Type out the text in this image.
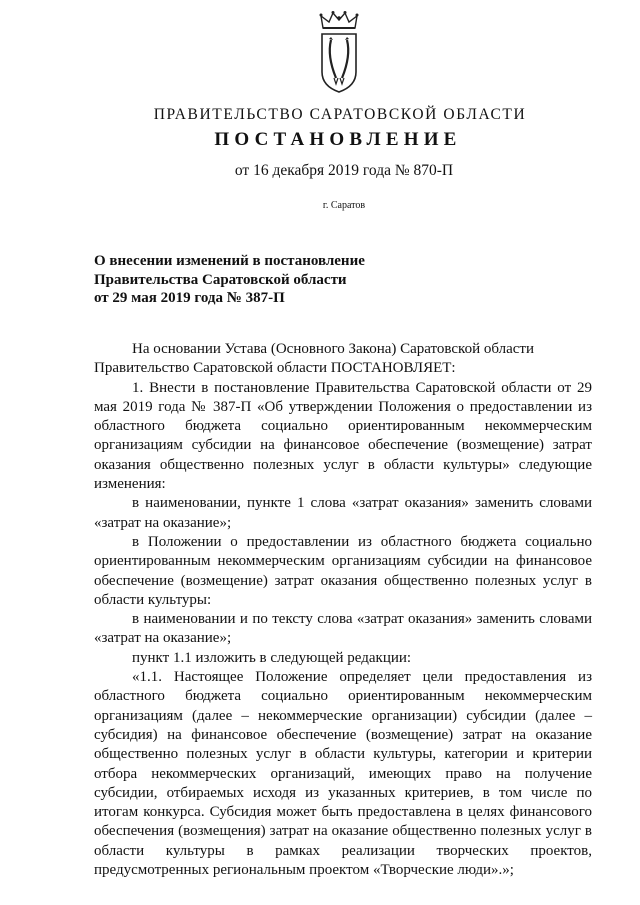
ПРАВИТЕЛЬСТВО САРАТОВСКОЙ ОБЛАСТИ
ПОСТАНОВЛЕНИЕ
от 16 декабря 2019 года № 870-П
г. Саратов
О внесении изменений в постановление
Правительства Саратовской области
от 29 мая 2019 года № 387-П

На основании Устава (Основного Закона) Саратовской области

Правительство Саратовской области ПОСТАНОВЛЯЕТ:

1. Внести в постановление Правительства Саратовской области от 29 мая 2019 года № 387-П «Об утверждении Положения о предоставлении из областного бюджета социально ориентированным некоммерческим организациям субсидии на финансовое обеспечение (возмещение) затрат оказания общественно полезных услуг в области культуры» следующие изменения:

в наименовании, пункте 1 слова «затрат оказания» заменить словами «затрат на оказание»;

в Положении о предоставлении из областного бюджета социально ориентированным некоммерческим организациям субсидии на финансовое обеспечение (возмещение) затрат оказания общественно полезных услуг в области культуры:

в наименовании и по тексту слова «затрат оказания» заменить словами «затрат на оказание»;

пункт 1.1 изложить в следующей редакции:

«1.1. Настоящее Положение определяет цели предоставления из областного бюджета социально ориентированным некоммерческим организациям (далее – некоммерческие организации) субсидии (далее – субсидия) на финансовое обеспечение (возмещение) затрат на оказание общественно полезных услуг в области культуры, категории и критерии отбора некоммерческих организаций, имеющих право на получение субсидии, отбираемых исходя из указанных критериев, в том числе по итогам конкурса. Субсидия может быть предоставлена в целях финансового обеспечения (возмещения) затрат на оказание общественно полезных услуг в области культуры в рамках реализации творческих проектов, предусмотренных региональным проектом «Творческие люди».»;
